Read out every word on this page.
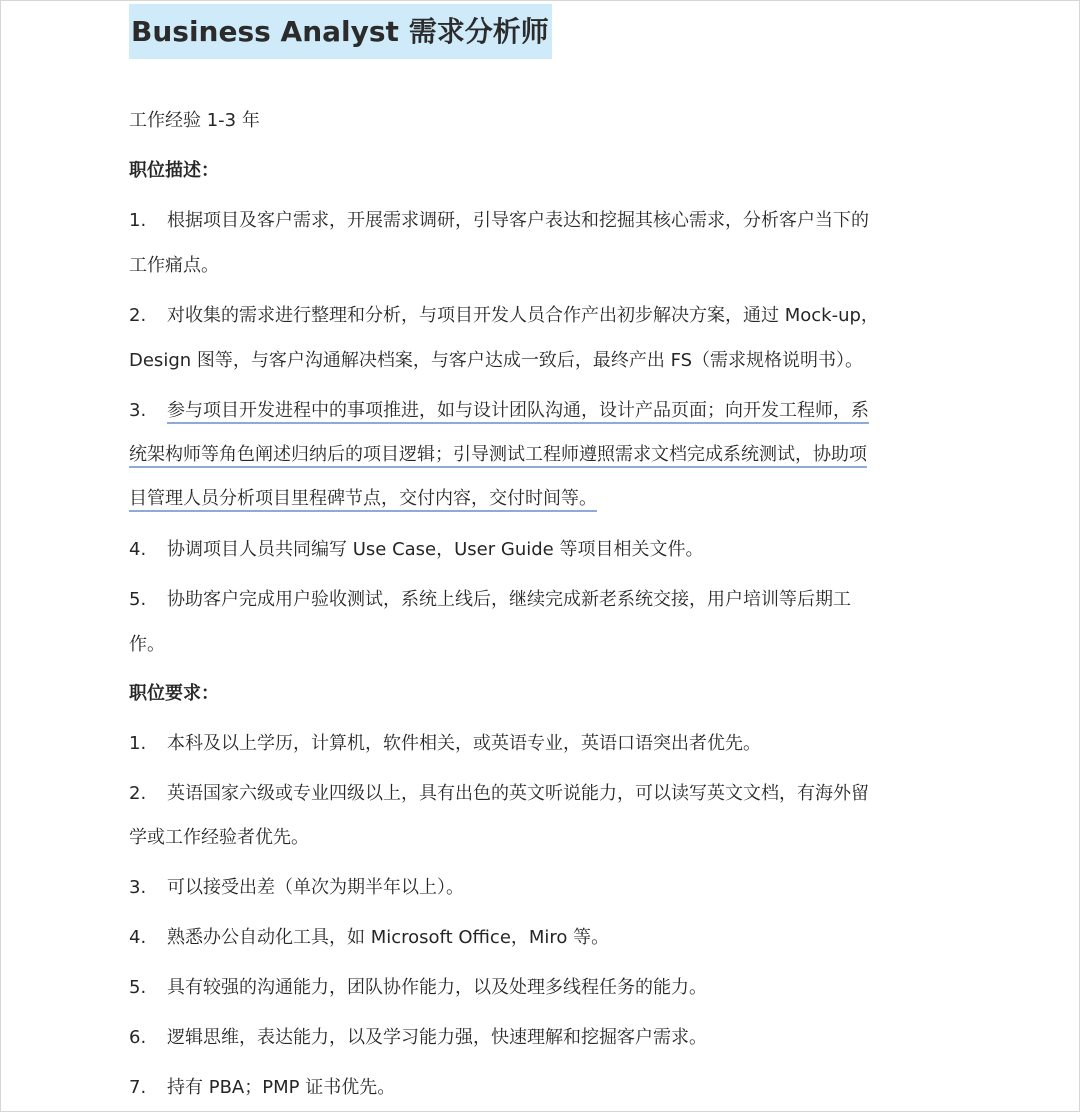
Business Analyst 需求分析师
工作经验 1-3 年
职位描述：
1. 根据项目及客户需求，开展需求调研，引导客户表达和挖掘其核心需求，分析客户当下的
工作痛点。
2. 对收集的需求进行整理和分析，与项目开发人员合作产出初步解决方案，通过 Mock-up，
Design 图等，与客户沟通解决档案，与客户达成一致后，最终产出 FS（需求规格说明书）。
3. 参与项目开发进程中的事项推进，如与设计团队沟通，设计产品页面；向开发工程师，系
统架构师等角色阐述归纳后的项目逻辑；引导测试工程师遵照需求文档完成系统测试，协助项
目管理人员分析项目里程碑节点，交付内容，交付时间等。
4. 协调项目人员共同编写 Use Case，User Guide 等项目相关文件。
5. 协助客户完成用户验收测试，系统上线后，继续完成新老系统交接，用户培训等后期工
作。
职位要求：
1. 本科及以上学历，计算机，软件相关，或英语专业，英语口语突出者优先。
2. 英语国家六级或专业四级以上，具有出色的英文听说能力，可以读写英文文档，有海外留
学或工作经验者优先。
3. 可以接受出差（单次为期半年以上）。
4. 熟悉办公自动化工具，如 Microsoft Office，Miro 等。
5. 具有较强的沟通能力，团队协作能力，以及处理多线程任务的能力。
6. 逻辑思维，表达能力，以及学习能力强，快速理解和挖掘客户需求。
7. 持有 PBA；PMP 证书优先。
